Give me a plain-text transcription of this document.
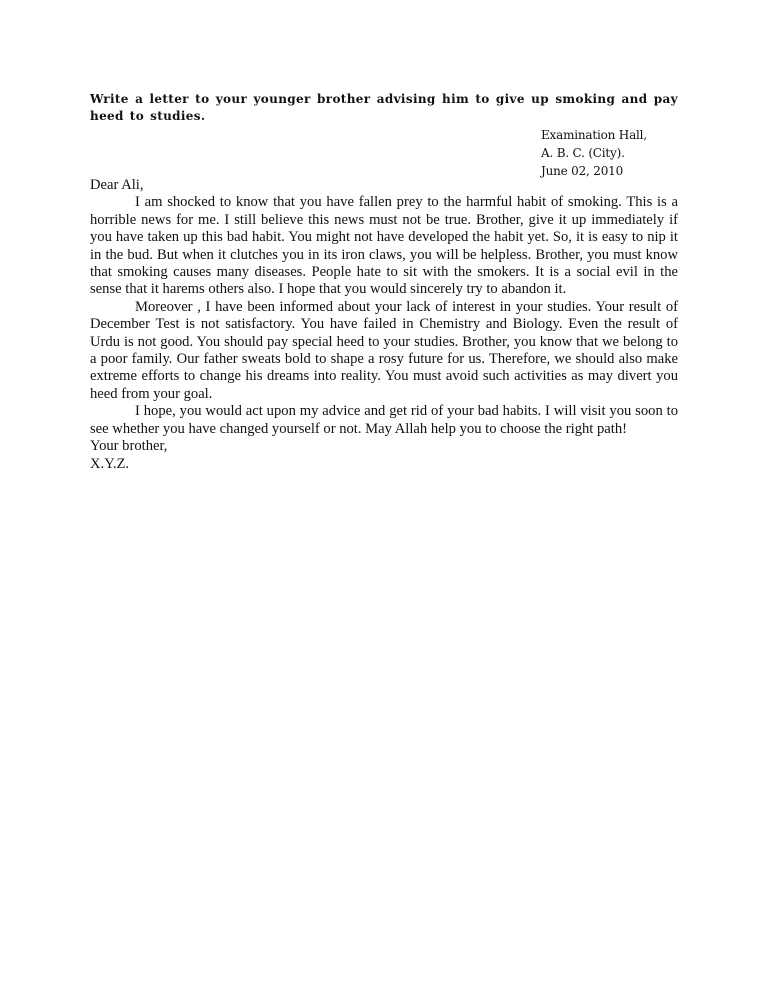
Write a letter to your younger brother advising him to give up smoking and pay heed to studies.
Examination Hall,
A. B. C. (City).
June 02, 2010
Dear Ali,

I am shocked to know that you have fallen prey to the harmful habit of smoking. This is a horrible news for me. I still believe this news must not be true. Brother, give it up immediately if you have taken up this bad habit. You might not have developed the habit yet. So, it is easy to nip it in the bud. But when it clutches you in its iron claws, you will be helpless. Brother, you must know that smoking causes many diseases. People hate to sit with the smokers. It is a social evil in the sense that it harems others also. I hope that you would sincerely try to abandon it.

Moreover , I have been informed about your lack of interest in your studies. Your result of December Test is not satisfactory. You have failed in Chemistry and Biology. Even the result of Urdu is not good. You should pay special heed to your studies. Brother, you know that we belong to a poor family. Our father sweats bold to shape a rosy future for us. Therefore, we should also make extreme efforts to change his dreams into reality. You must avoid such activities as may divert you heed from your goal.

I hope, you would act upon my advice and get rid of your bad habits. I will visit you soon to see whether you have changed yourself or not. May Allah help you to choose the right path!

Your brother,
X.Y.Z.
